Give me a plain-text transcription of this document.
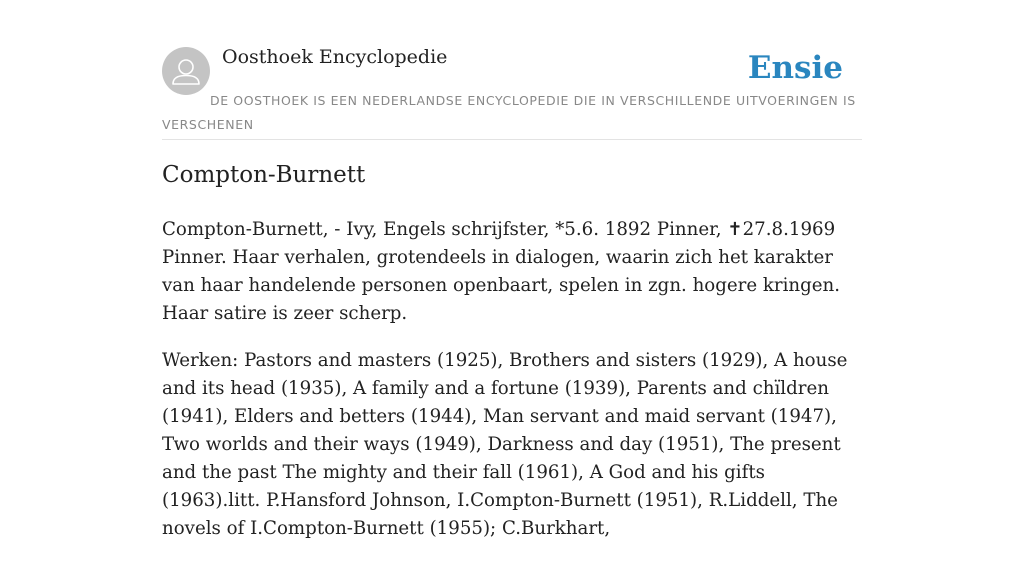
Oosthoek Encyclopedie	Ensie

DE OOSTHOEK IS EEN NEDERLANDSE ENCYCLOPEDIE DIE IN VERSCHILLENDE UITVOERINGEN IS VERSCHENEN

Compton-Burnett

Compton-Burnett, - Ivy, Engels schrijfster, *5.6. 1892 Pinner, ✝27.8.1969 Pinner. Haar verhalen, grotendeels in dialogen, waarin zich het karakter van haar handelende personen openbaart, spelen in zgn. hogere kringen. Haar satire is zeer scherp.

Werken: Pastors and masters (1925), Brothers and sisters (1929), A house and its head (1935), A family and a fortune (1939), Parents and chïldren (1941), Elders and betters (1944), Man servant and maid servant (1947), Two worlds and their ways (1949), Darkness and day (1951), The present and the past The mighty and their fall (1961), A God and his gifts (1963).litt. P.Hansford Johnson, I.Compton-Burnett (1951), R.Liddell, The novels of I.Compton-Burnett (1955); C.Burkhart,
